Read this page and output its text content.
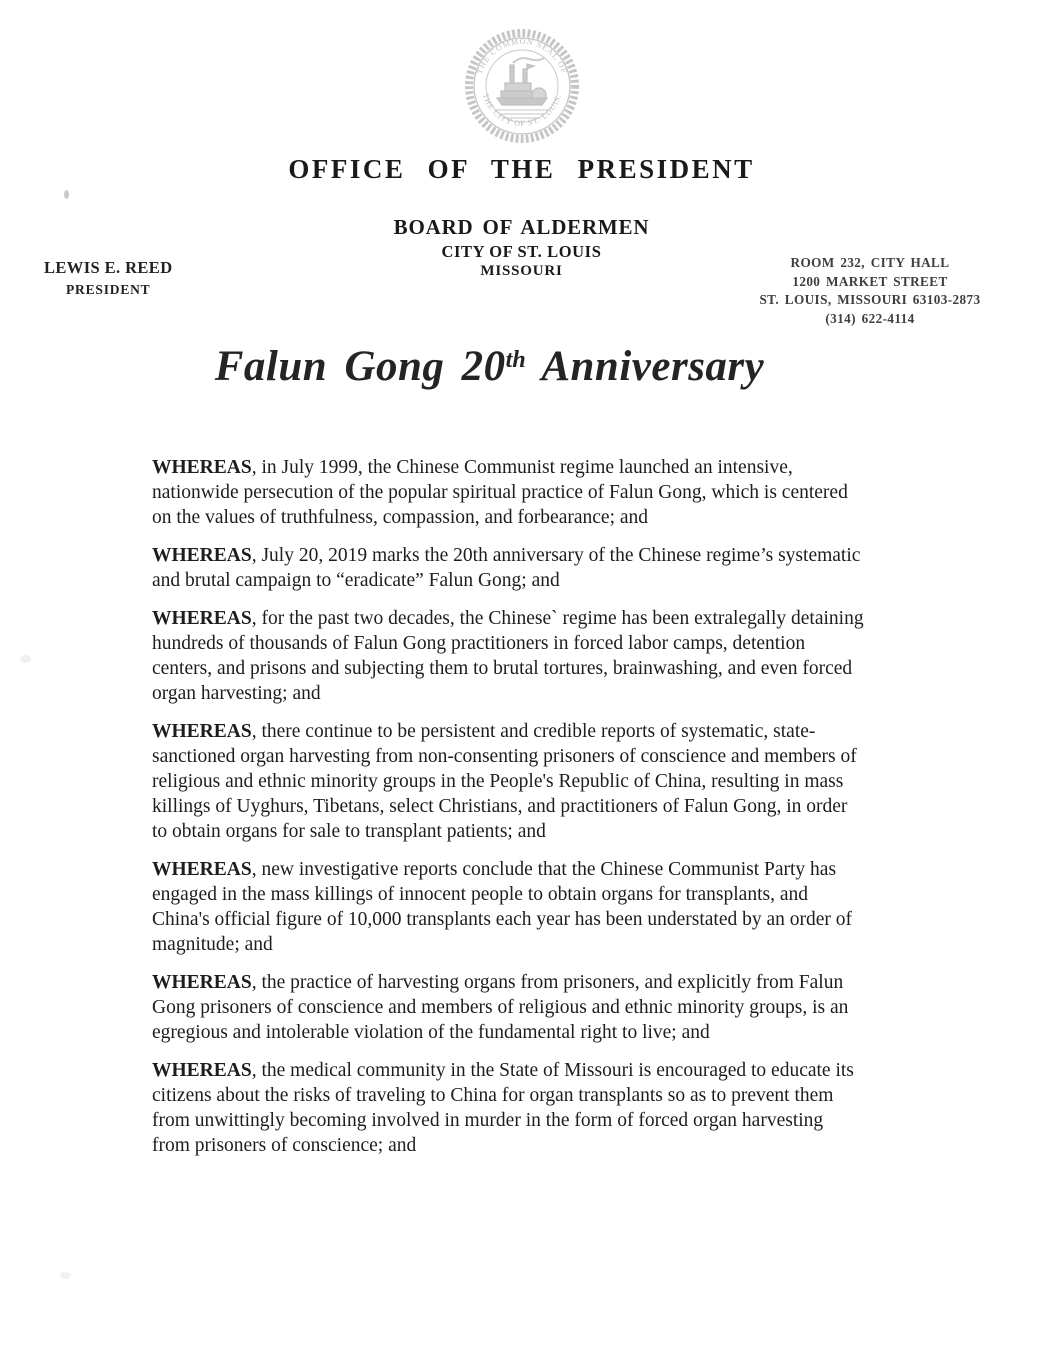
THE COMMON SEAL OF
THE CITY OF ST. LOUIS.
OFFICE OF THE PRESIDENT
BOARD OF ALDERMEN
CITY OF ST. LOUIS
MISSOURI
LEWIS E. REED
PRESIDENT
ROOM 232, CITY HALL
1200 MARKET STREET
ST. LOUIS, MISSOURI 63103-2873
(314) 622-4114
Falun Gong 20th Anniversary

WHEREAS, in July 1999, the Chinese Communist regime launched an intensive, nationwide persecution of the popular spiritual practice of Falun Gong, which is centered on the values of truthfulness, compassion, and forbearance; and

WHEREAS, July 20, 2019 marks the 20th anniversary of the Chinese regime’s systematic and brutal campaign to “eradicate” Falun Gong; and

WHEREAS, for the past two decades, the Chinese` regime has been extralegally detaining hundreds of thousands of Falun Gong practitioners in forced labor camps, detention centers, and prisons and subjecting them to brutal tortures, brainwashing, and even forced organ harvesting; and

WHEREAS, there continue to be persistent and credible reports of systematic, state-sanctioned organ harvesting from non-consenting prisoners of conscience and members of religious and ethnic minority groups in the People's Republic of China, resulting in mass killings of Uyghurs, Tibetans, select Christians, and practitioners of Falun Gong, in order to obtain organs for sale to transplant patients; and

WHEREAS, new investigative reports conclude that the Chinese Communist Party has engaged in the mass killings of innocent people to obtain organs for transplants, and China's official figure of 10,000 transplants each year has been understated by an order of magnitude; and

WHEREAS, the practice of harvesting organs from prisoners, and explicitly from Falun Gong prisoners of conscience and members of religious and ethnic minority groups, is an egregious and intolerable violation of the fundamental right to live; and

WHEREAS, the medical community in the State of Missouri is encouraged to educate its  citizens about the risks of traveling to China for organ transplants so as to prevent them from unwittingly becoming involved in murder in the form of forced organ harvesting from prisoners of conscience; and
